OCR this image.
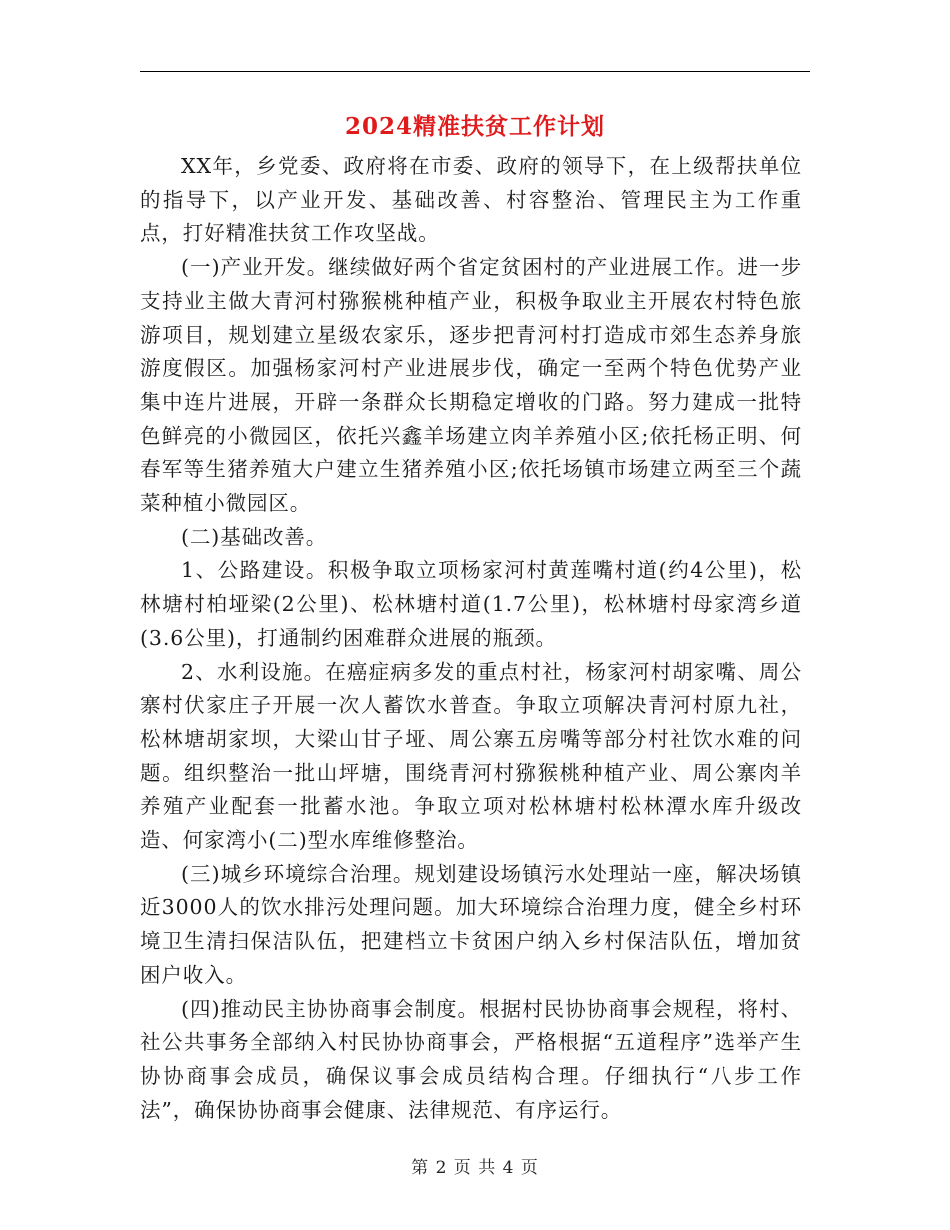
2024精准扶贫工作计划

XX年，乡党委、政府将在市委、政府的领导下，在上级帮扶单位的指导下，以产业开发、基础改善、村容整治、管理民主为工作重点，打好精准扶贫工作攻坚战。

(一)产业开发。继续做好两个省定贫困村的产业进展工作。进一步支持业主做大青河村猕猴桃种植产业，积极争取业主开展农村特色旅游项目，规划建立星级农家乐，逐步把青河村打造成市郊生态养身旅游度假区。加强杨家河村产业进展步伐，确定一至两个特色优势产业集中连片进展，开辟一条群众长期稳定增收的门路。努力建成一批特色鲜亮的小微园区，依托兴鑫羊场建立肉羊养殖小区;依托杨正明、何春军等生猪养殖大户建立生猪养殖小区;依托场镇市场建立两至三个蔬菜种植小微园区。

(二)基础改善。

1、公路建设。积极争取立项杨家河村黄莲嘴村道(约4公里)，松林塘村柏垭梁(2公里)、松林塘村道(1.7公里)，松林塘村母家湾乡道(3.6公里)，打通制约困难群众进展的瓶颈。

2、水利设施。在癌症病多发的重点村社，杨家河村胡家嘴、周公寨村伏家庄子开展一次人蓄饮水普查。争取立项解决青河村原九社，松林塘胡家坝，大梁山甘子垭、周公寨五房嘴等部分村社饮水难的问题。组织整治一批山坪塘，围绕青河村猕猴桃种植产业、周公寨肉羊养殖产业配套一批蓄水池。争取立项对松林塘村松林潭水库升级改造、何家湾小(二)型水库维修整治。

(三)城乡环境综合治理。规划建设场镇污水处理站一座，解决场镇近3000人的饮水排污处理问题。加大环境综合治理力度，健全乡村环境卫生清扫保洁队伍，把建档立卡贫困户纳入乡村保洁队伍，增加贫困户收入。

(四)推动民主协协商事会制度。根据村民协协商事会规程，将村、社公共事务全部纳入村民协协商事会，严格根据“五道程序”选举产生协协商事会成员，确保议事会成员结构合理。仔细执行“八步工作法”，确保协协商事会健康、法律规范、有序运行。

第 2 页 共 4 页
